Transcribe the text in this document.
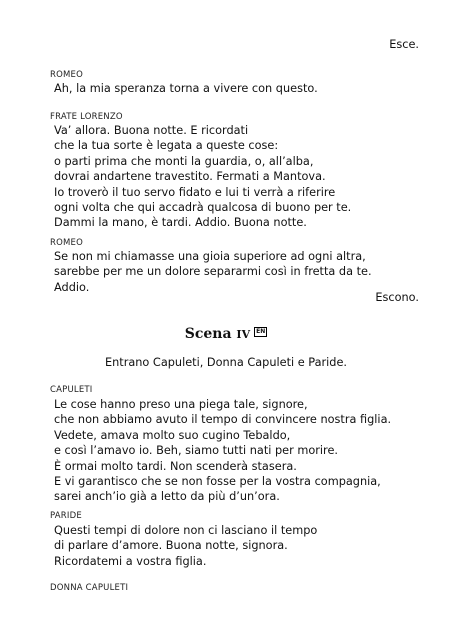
Esce.
ROMEO
Ah, la mia speranza torna a vivere con questo.
FRATE LORENZO
Va’ allora. Buona notte. E ricordati
che la tua sorte è legata a queste cose:
o parti prima che monti la guardia, o, all’alba,
dovrai andartene travestito. Fermati a Mantova.
Io troverò il tuo servo fidato e lui ti verrà a riferire
ogni volta che qui accadrà qualcosa di buono per te.
Dammi la mano, è tardi. Addio. Buona notte.
ROMEO
Se non mi chiamasse una gioia superiore ad ogni altra,
sarebbe per me un dolore separarmi così in fretta da te.
Addio.
Escono.
Scena IV EN
Entrano Capuleti, Donna Capuleti e Paride.
CAPULETI
Le cose hanno preso una piega tale, signore,
che non abbiamo avuto il tempo di convincere nostra figlia.
Vedete, amava molto suo cugino Tebaldo,
e così l’amavo io. Beh, siamo tutti nati per morire.
È ormai molto tardi. Non scenderà stasera.
E vi garantisco che se non fosse per la vostra compagnia,
sarei anch’io già a letto da più d’un’ora.
PARIDE
Questi tempi di dolore non ci lasciano il tempo
di parlare d’amore. Buona notte, signora.
Ricordatemi a vostra figlia.
DONNA CAPULETI
